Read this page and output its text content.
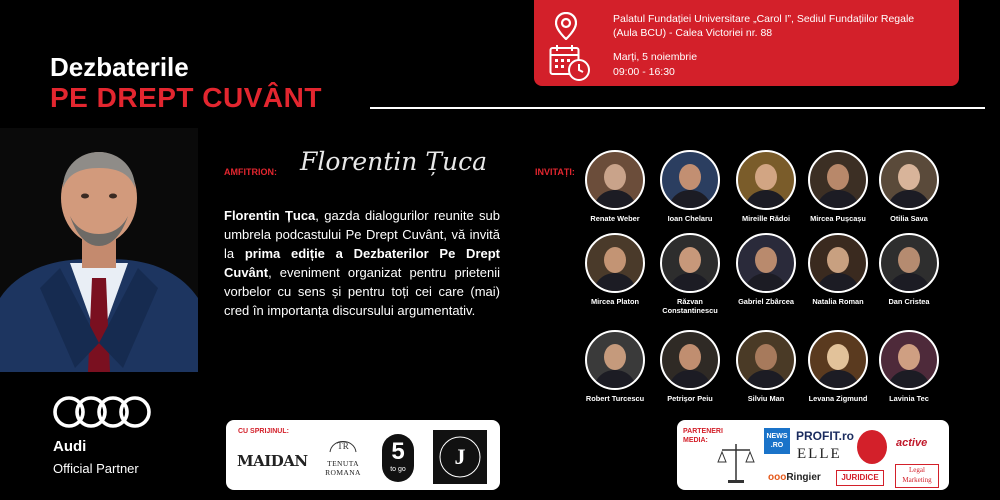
Dezbaterile
PE DREPT CUVÂNT
Palatul Fundației Universitare „Carol I”, Sediul Fundațiilor Regale
(Aula BCU) - Calea Victoriei nr. 88
Marți, 5 noiembrie
09:00 - 16:30
Audi
Official Partner
AMFITRION: Florentin Țuca
Florentin Țuca, gazda dialogurilor reunite sub umbrela podcastului Pe Drept Cuvânt, vă invită la prima ediție a Dezbaterilor Pe Drept Cuvânt, eveniment organizat pentru prietenii vorbelor cu sens și pentru toți cei care (mai) cred în importanța discursului argumentativ.
INVITAȚI:
Renate Weber	Ioan Chelaru	Mireille Rădoi	Mircea Pușcașu	Otilia Sava
Mircea Platon	Răzvan Constantinescu
Gabriel Zbârcea	Natalia Roman	Dan Cristea
Robert Turcescu	Petrișor Peiu	Silviu Man	Levana Zigmund	Lavinia Tec
CU SPRIJINUL:
MAIDAN
TR
TENUTA ROMANA
5
to go
J
PARTENERI
MEDIA:
NEWS
.RO
PROFIT.ro
ELLE
active
oooRingier	JURIDICE
Legal Marketing
